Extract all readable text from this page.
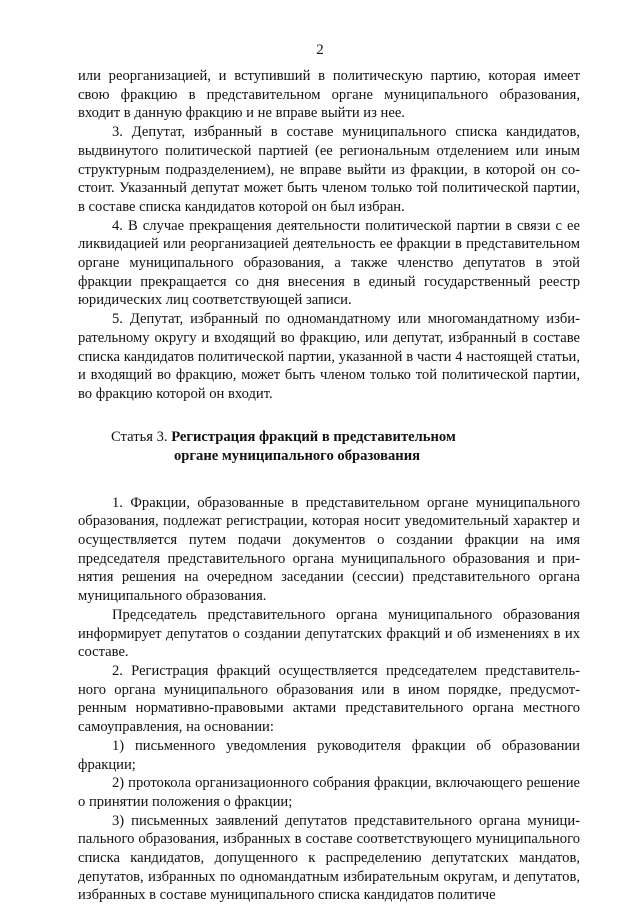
2

или реорганизацией, и вступивший в политическую партию, которая имеет свою фракцию в представительном органе муниципального образования, входит в данную фракцию и не вправе выйти из нее.

3. Депутат, избранный в составе муниципального списка кандидатов, выдвинутого политической партией (ее региональным отделением или иным структурным подразделением), не вправе выйти из фракции, в которой он состоит. Указанный депутат может быть членом только той политической партии, в составе списка кандидатов которой он был избран.

4. В случае прекращения деятельности политической партии в связи с ее ликвидацией или реорганизацией деятельность ее фракции в представительном органе муниципального образования, а также членство депутатов в этой фракции прекращается со дня внесения в единый государственный реестр юридических лиц соответствующей записи.

5. Депутат, избранный по одномандатному или многомандатному избирательному округу и входящий во фракцию, или депутат, избранный в составе списка кандидатов политической партии, указанной в части 4 настоящей статьи, и входящий во фракцию, может быть членом только той политической партии, во фракцию которой он входит.

Статья 3. Регистрация фракций в представительном
органе муниципального образования

1. Фракции, образованные в представительном органе муниципального образования, подлежат регистрации, которая носит уведомительный характер и осуществляется путем подачи документов о создании фракции на имя председателя представительного органа муниципального образования и принятия решения на очередном заседании (сессии) представительного органа муниципального образования.

Председатель представительного органа муниципального образования информирует депутатов о создании депутатских фракций и об изменениях в их составе.

2. Регистрация фракций осуществляется председателем представительного органа муниципального образования или в ином порядке, предусмотренным нормативно-правовыми актами представительного органа местного самоуправления, на основании:

1) письменного уведомления руководителя фракции об образовании фракции;

2) протокола организационного собрания фракции, включающего решение о принятии положения о фракции;

3) письменных заявлений депутатов представительного органа муниципального образования, избранных в составе соответствующего муниципального списка кандидатов, допущенного к распределению депутатских мандатов, депутатов, избранных по одномандатным избирательным округам, и депутатов, избранных в составе муниципального списка кандидатов политиче
